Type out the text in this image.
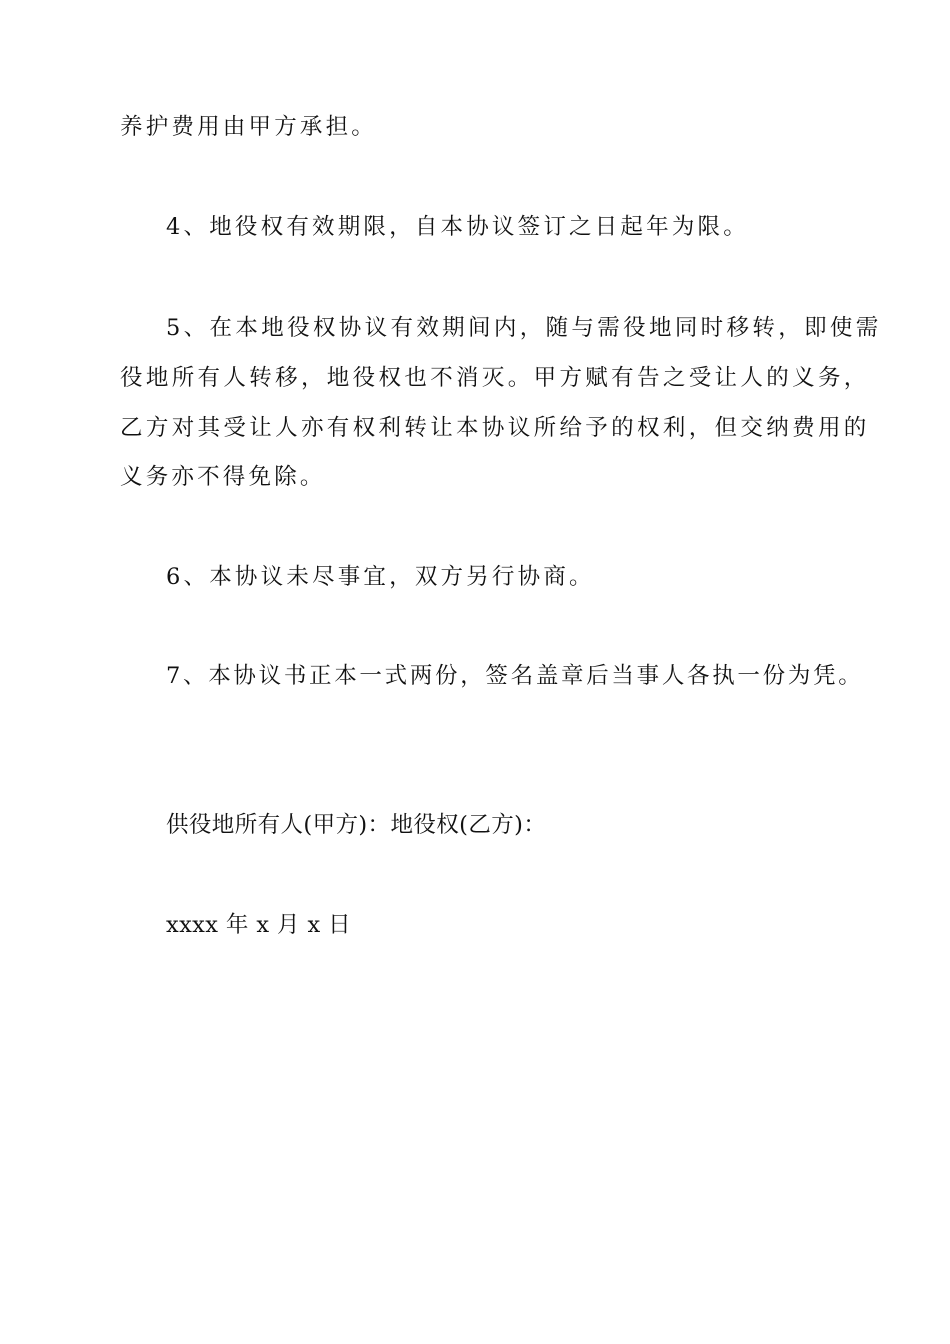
养护费用由甲方承担。
4、地役权有效期限，自本协议签订之日起年为限。
5、在本地役权协议有效期间内，随与需役地同时移转，即使需
役地所有人转移，地役权也不消灭。甲方赋有告之受让人的义务，
乙方对其受让人亦有权利转让本协议所给予的权利，但交纳费用的
义务亦不得免除。
6、本协议未尽事宜，双方另行协商。
7、本协议书正本一式两份，签名盖章后当事人各执一份为凭。
供役地所有人(甲方)：地役权(乙方)：
xxxx 年 x 月 x 日
